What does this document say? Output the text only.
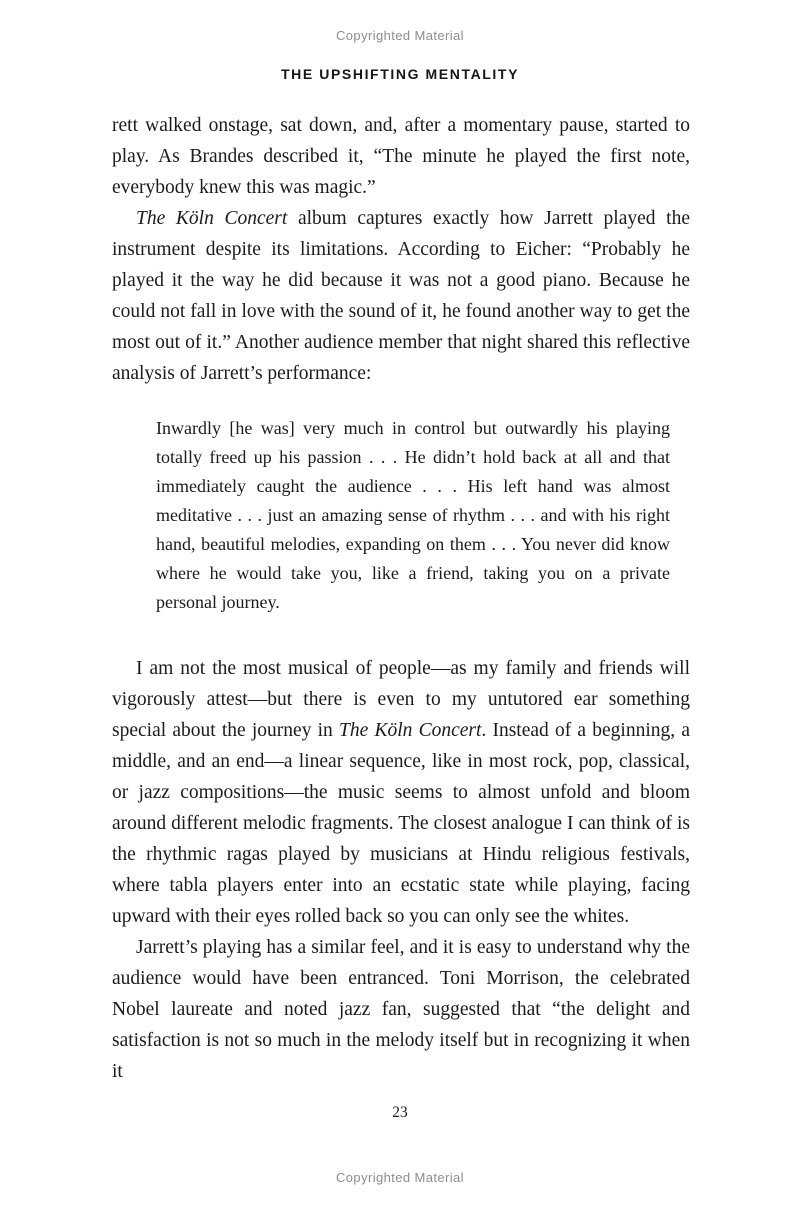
Copyrighted Material
THE UPSHIFTING MENTALITY

rett walked onstage, sat down, and, after a momentary pause, started to play. As Brandes described it, “The minute he played the first note, everybody knew this was magic.”

The Köln Concert album captures exactly how Jarrett played the instrument despite its limitations. According to Eicher: “Probably he played it the way he did because it was not a good piano. Because he could not fall in love with the sound of it, he found another way to get the most out of it.” Another audience member that night shared this reflective analysis of Jarrett’s performance:

Inwardly [he was] very much in control but outwardly his playing totally freed up his passion . . . He didn’t hold back at all and that immediately caught the audience . . . His left hand was almost meditative . . . just an amazing sense of rhythm . . . and with his right hand, beautiful melodies, expanding on them . . . You never did know where he would take you, like a friend, taking you on a private personal journey.

I am not the most musical of people—as my family and friends will vigorously attest—but there is even to my untutored ear something special about the journey in The Köln Concert. Instead of a beginning, a middle, and an end—a linear sequence, like in most rock, pop, classical, or jazz compositions—the music seems to almost unfold and bloom around different melodic fragments. The closest analogue I can think of is the rhythmic ragas played by musicians at Hindu religious festivals, where tabla players enter into an ecstatic state while playing, facing upward with their eyes rolled back so you can only see the whites.

Jarrett’s playing has a similar feel, and it is easy to understand why the audience would have been entranced. Toni Morrison, the celebrated Nobel laureate and noted jazz fan, suggested that “the delight and satisfaction is not so much in the melody itself but in recognizing it when it

23
Copyrighted Material
